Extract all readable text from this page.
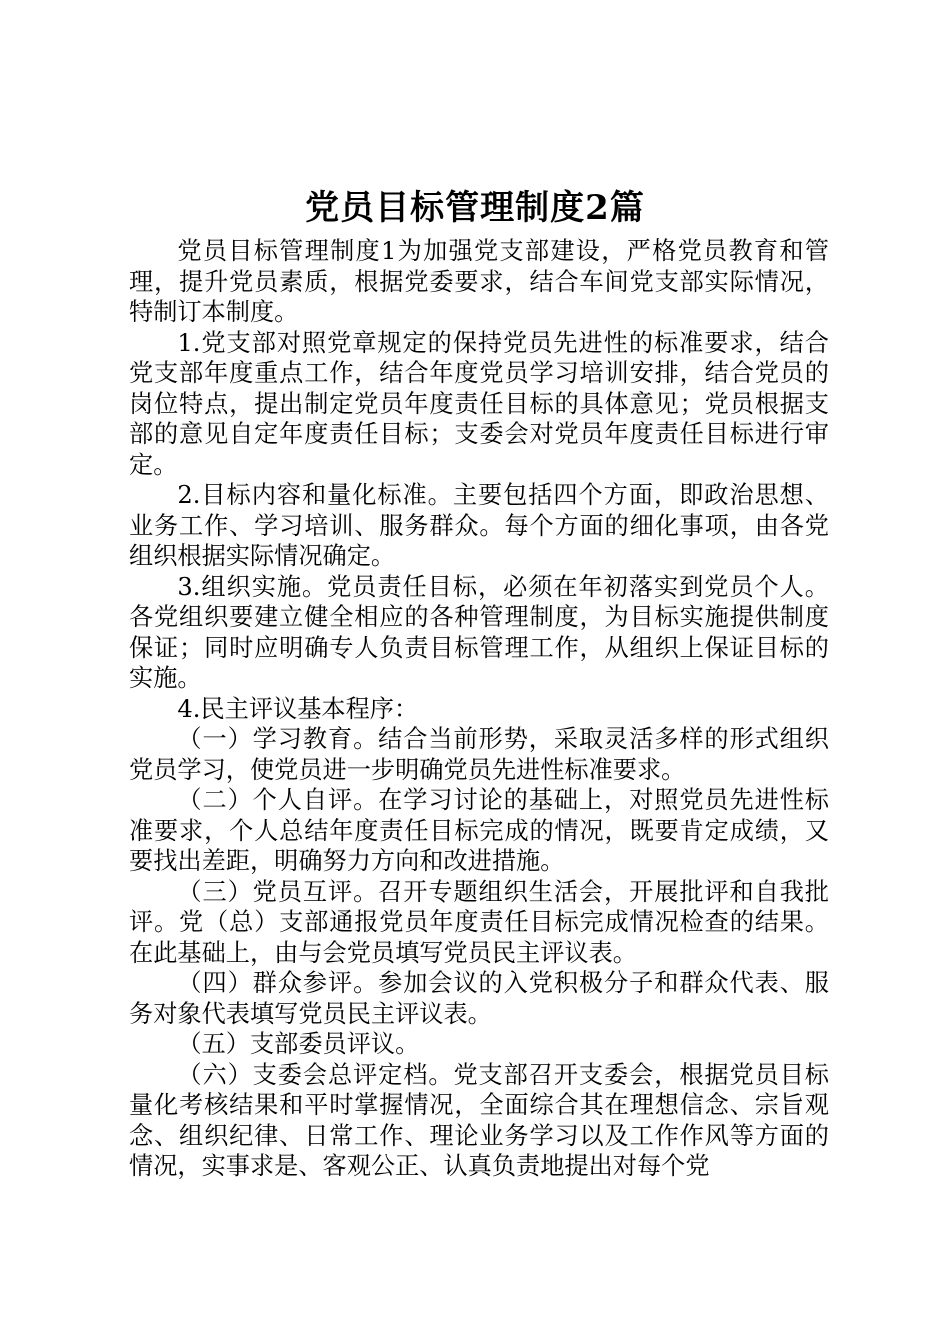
党员目标管理制度2篇

党员目标管理制度1为加强党支部建设，严格党员教育和管理，提升党员素质，根据党委要求，结合车间党支部实际情况，特制订本制度。

1.党支部对照党章规定的保持党员先进性的标准要求，结合党支部年度重点工作，结合年度党员学习培训安排，结合党员的岗位特点，提出制定党员年度责任目标的具体意见；党员根据支部的意见自定年度责任目标；支委会对党员年度责任目标进行审定。

2.目标内容和量化标准。主要包括四个方面，即政治思想、业务工作、学习培训、服务群众。每个方面的细化事项，由各党组织根据实际情况确定。

3.组织实施。党员责任目标，必须在年初落实到党员个人。各党组织要建立健全相应的各种管理制度，为目标实施提供制度保证；同时应明确专人负责目标管理工作，从组织上保证目标的实施。

4.民主评议基本程序：

（一）学习教育。结合当前形势，采取灵活多样的形式组织党员学习，使党员进一步明确党员先进性标准要求。

（二）个人自评。在学习讨论的基础上，对照党员先进性标准要求，个人总结年度责任目标完成的情况，既要肯定成绩，又要找出差距，明确努力方向和改进措施。

（三）党员互评。召开专题组织生活会，开展批评和自我批评。党（总）支部通报党员年度责任目标完成情况检查的结果。在此基础上，由与会党员填写党员民主评议表。

（四）群众参评。参加会议的入党积极分子和群众代表、服务对象代表填写党员民主评议表。

（五）支部委员评议。

（六）支委会总评定档。党支部召开支委会，根据党员目标量化考核结果和平时掌握情况，全面综合其在理想信念、宗旨观念、组织纪律、日常工作、理论业务学习以及工作作风等方面的情况，实事求是、客观公正、认真负责地提出对每个党
